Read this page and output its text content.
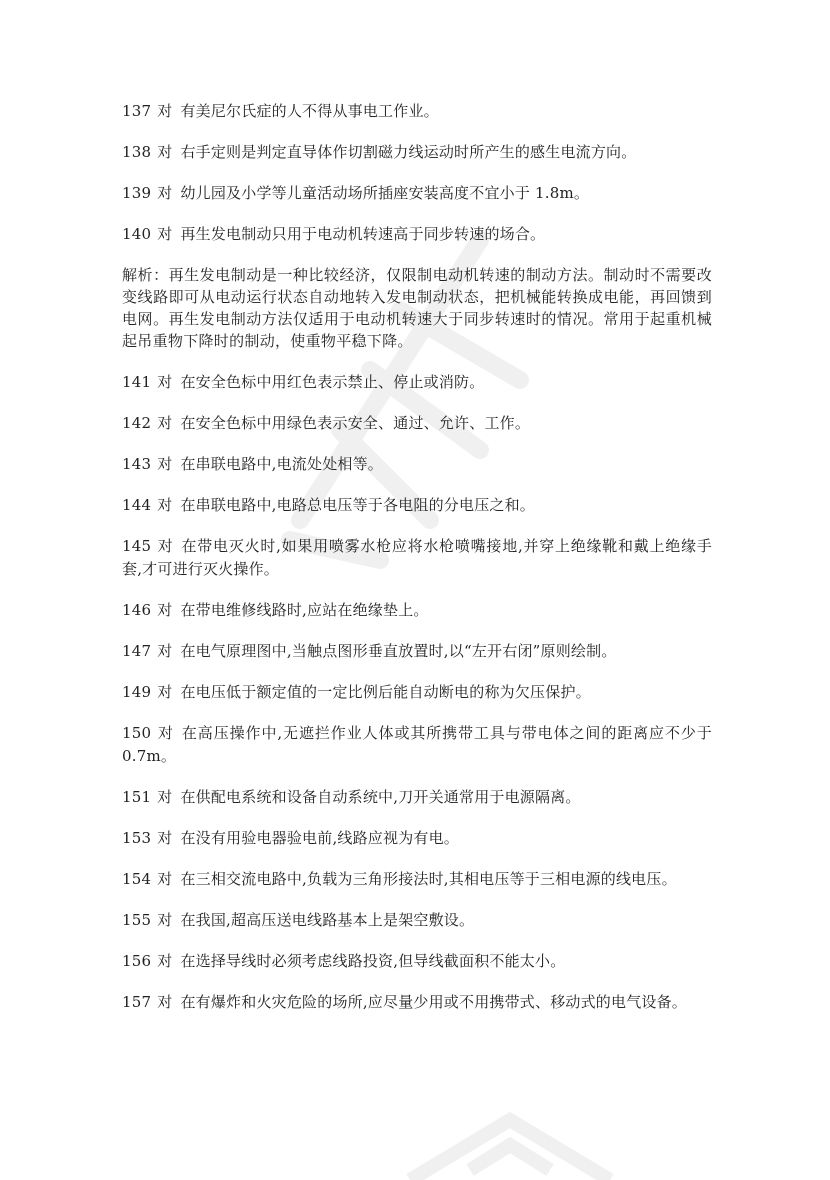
137 对 有美尼尔氏症的人不得从事电工作业。

138 对 右手定则是判定直导体作切割磁力线运动时所产生的感生电流方向。

139 对 幼儿园及小学等儿童活动场所插座安装高度不宜小于 1.8m。

140 对 再生发电制动只用于电动机转速高于同步转速的场合。

解析：再生发电制动是一种比较经济，仅限制电动机转速的制动方法。制动时不需要改变线路即可从电动运行状态自动地转入发电制动状态，把机械能转换成电能，再回馈到电网。再生发电制动方法仅适用于电动机转速大于同步转速时的情况。常用于起重机械起吊重物下降时的制动，使重物平稳下降。

141 对 在安全色标中用红色表示禁止、停止或消防。

142 对 在安全色标中用绿色表示安全、通过、允许、工作。

143 对 在串联电路中,电流处处相等。

144 对 在串联电路中,电路总电压等于各电阻的分电压之和。

145 对 在带电灭火时,如果用喷雾水枪应将水枪喷嘴接地,并穿上绝缘靴和戴上绝缘手套,才可进行灭火操作。

146 对 在带电维修线路时,应站在绝缘垫上。

147 对 在电气原理图中,当触点图形垂直放置时,以“左开右闭”原则绘制。

149 对 在电压低于额定值的一定比例后能自动断电的称为欠压保护。

150 对 在高压操作中,无遮拦作业人体或其所携带工具与带电体之间的距离应不少于 0.7m。

151 对 在供配电系统和设备自动系统中,刀开关通常用于电源隔离。

153 对 在没有用验电器验电前,线路应视为有电。

154 对 在三相交流电路中,负载为三角形接法时,其相电压等于三相电源的线电压。

155 对 在我国,超高压送电线路基本上是架空敷设。

156 对 在选择导线时必须考虑线路投资,但导线截面积不能太小。

157 对 在有爆炸和火灾危险的场所,应尽量少用或不用携带式、移动式的电气设备。
